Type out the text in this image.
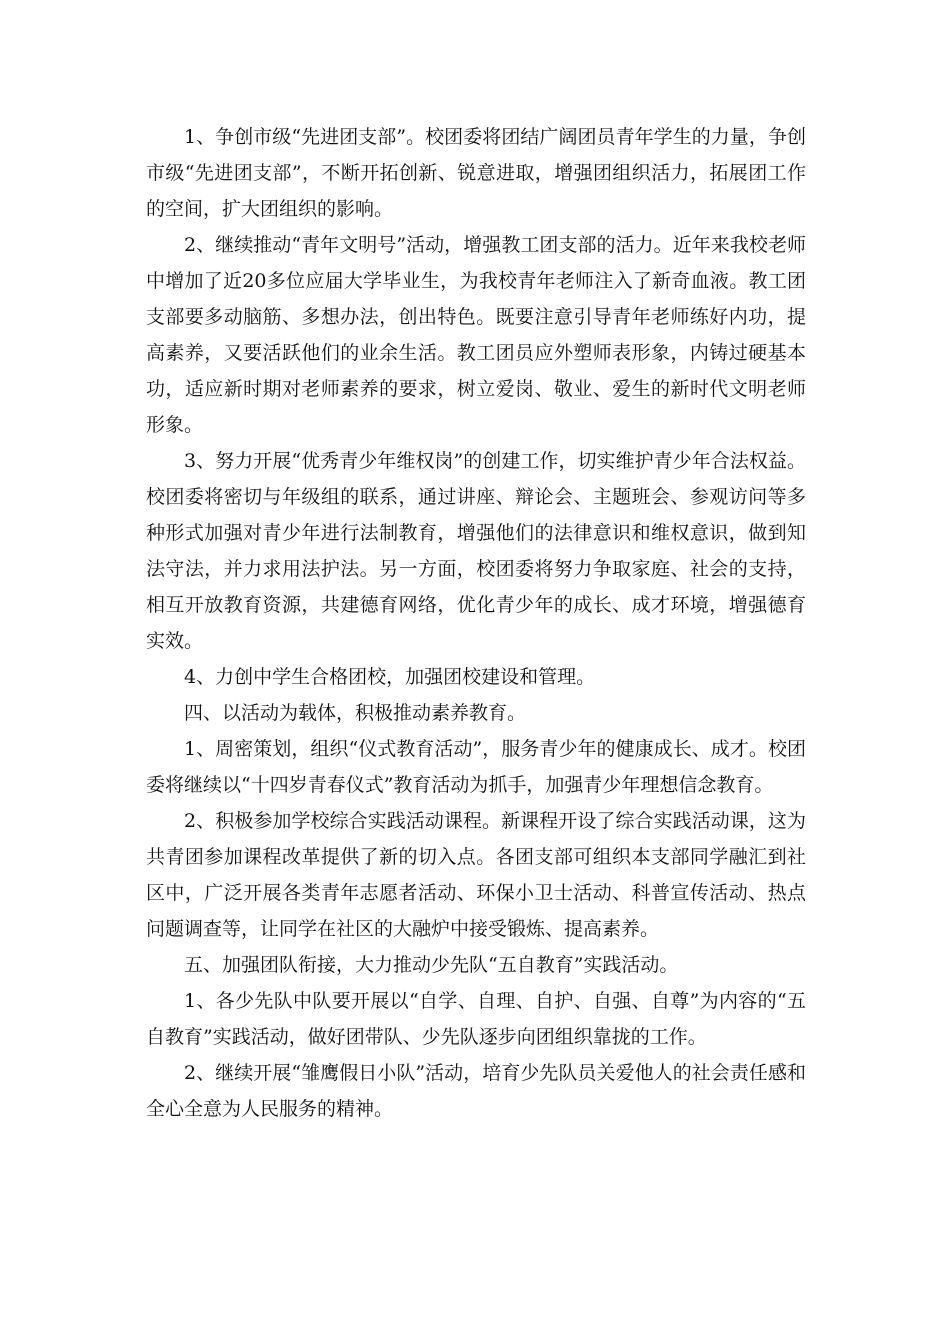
1、争创市级“先进团支部”。校团委将团结广阔团员青年学生的力量，争创市级“先进团支部”，不断开拓创新、锐意进取，增强团组织活力，拓展团工作的空间，扩大团组织的影响。

2、继续推动“青年文明号”活动，增强教工团支部的活力。近年来我校老师中增加了近20多位应届大学毕业生，为我校青年老师注入了新奇血液。教工团支部要多动脑筋、多想办法，创出特色。既要注意引导青年老师练好内功，提高素养，又要活跃他们的业余生活。教工团员应外塑师表形象，内铸过硬基本功，适应新时期对老师素养的要求，树立爱岗、敬业、爱生的新时代文明老师形象。

3、努力开展“优秀青少年维权岗”的创建工作，切实维护青少年合法权益。校团委将密切与年级组的联系，通过讲座、辩论会、主题班会、参观访问等多种形式加强对青少年进行法制教育，增强他们的法律意识和维权意识，做到知法守法，并力求用法护法。另一方面，校团委将努力争取家庭、社会的支持，相互开放教育资源，共建德育网络，优化青少年的成长、成才环境，增强德育实效。

4、力创中学生合格团校，加强团校建设和管理。

四、以活动为载体，积极推动素养教育。

1、周密策划，组织“仪式教育活动”，服务青少年的健康成长、成才。校团委将继续以“十四岁青春仪式”教育活动为抓手，加强青少年理想信念教育。

2、积极参加学校综合实践活动课程。新课程开设了综合实践活动课，这为共青团参加课程改革提供了新的切入点。各团支部可组织本支部同学融汇到社区中，广泛开展各类青年志愿者活动、环保小卫士活动、科普宣传活动、热点问题调查等，让同学在社区的大融炉中接受锻炼、提高素养。

五、加强团队衔接，大力推动少先队“五自教育”实践活动。

1、各少先队中队要开展以“自学、自理、自护、自强、自尊”为内容的“五自教育”实践活动，做好团带队、少先队逐步向团组织靠拢的工作。

2、继续开展“雏鹰假日小队”活动，培育少先队员关爱他人的社会责任感和全心全意为人民服务的精神。
